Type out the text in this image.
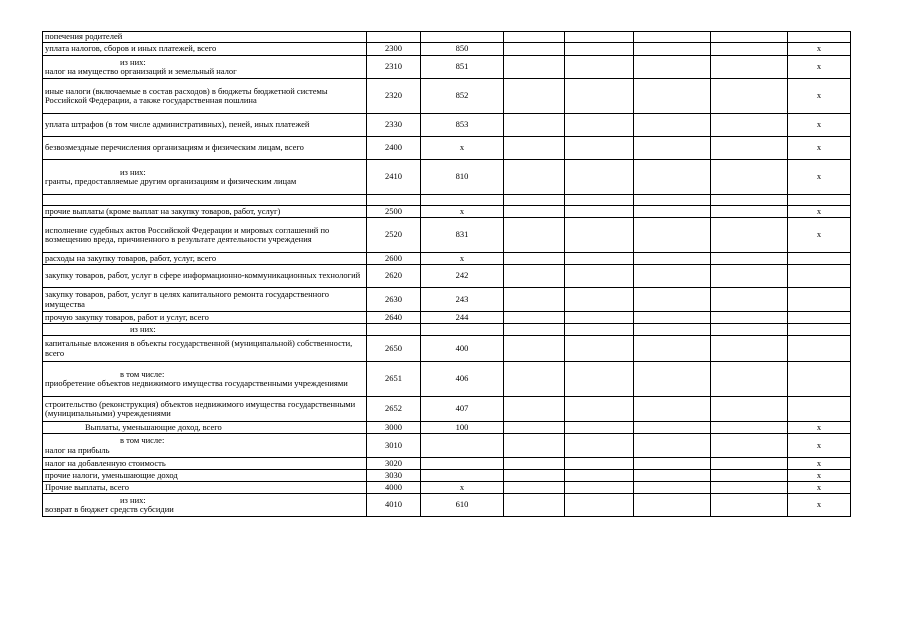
попечения родителей							
уплата налогов, сборов и иных платежей, всего	2300	850					x

из них:
налог на имущество организаций и земельный налог	2310	851					x
иные налоги (включаемые в состав расходов) в бюджеты бюджетной системы Российской Федерации, а также государственная пошлина	2320	852					x
уплата штрафов (в том числе административных), пеней, иных платежей	2330	853					x
безвозмездные перечисления организациям и физическим лицам, всего	2400	x					x

из них:
гранты, предоставляемые другим организациям и физическим лицам	2410	810					x

прочие выплаты (кроме выплат на закупку товаров, работ, услуг)	2500	x					x
исполнение судебных актов Российской Федерации и мировых соглашений по возмещению вреда, причиненного в результате деятельности учреждения	2520	831					x
расходы на закупку товаров, работ, услуг, всего	2600	x					
закупку товаров, работ, услуг в сфере информационно-коммуникационных технологий	2620	242					
закупку товаров, работ, услуг в целях капитального ремонта государственного имущества	2630	243					
прочую закупку товаров, работ и услуг, всего	2640	244					

из них:							

капитальные вложения в объекты государственной (муниципальной) собственности, всего	2650	400					

в том числе:
приобретение объектов недвижимого имущества государственными учреждениями	2651	406					
строительство (реконструкция) объектов недвижимого имущества государственными (муниципальными) учреждениями	2652	407					

Выплаты, уменьшающие доход, всего	3000	100					x

в том числе:
налог на прибыль	3010						x
налог на добавленную стоимость	3020						x
прочие налоги, уменьшающие доход	3030						x
Прочие выплаты, всего	4000	x					x

из них:
возврат в бюджет средств субсидии	4010	610					x
